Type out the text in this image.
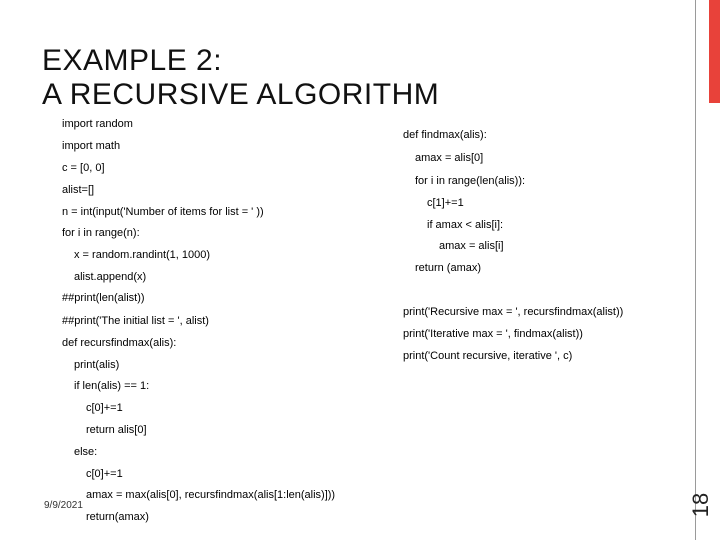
EXAMPLE 2:
A RECURSIVE ALGORITHM
import random
import math
c = [0, 0]
alist=[]
n = int(input('Number of items for list = ' ))
for i in range(n):
x = random.randint(1, 1000)
alist.append(x)
##print(len(alist))
##print('The initial list = ', alist)
def recursfindmax(alis):
print(alis)
if len(alis) == 1:
c[0]+=1
return alis[0]
else:
c[0]+=1
amax = max(alis[0], recursfindmax(alis[1:len(alis)]))
return(amax)
def findmax(alis):
amax = alis[0]
for i in range(len(alis)):
c[1]+=1
if amax < alis[i]:
amax = alis[i]
return (amax)
print('Recursive max = ', recursfindmax(alist))
print('Iterative max = ', findmax(alist))
print('Count recursive, iterative ', c)
9/9/2021	18
